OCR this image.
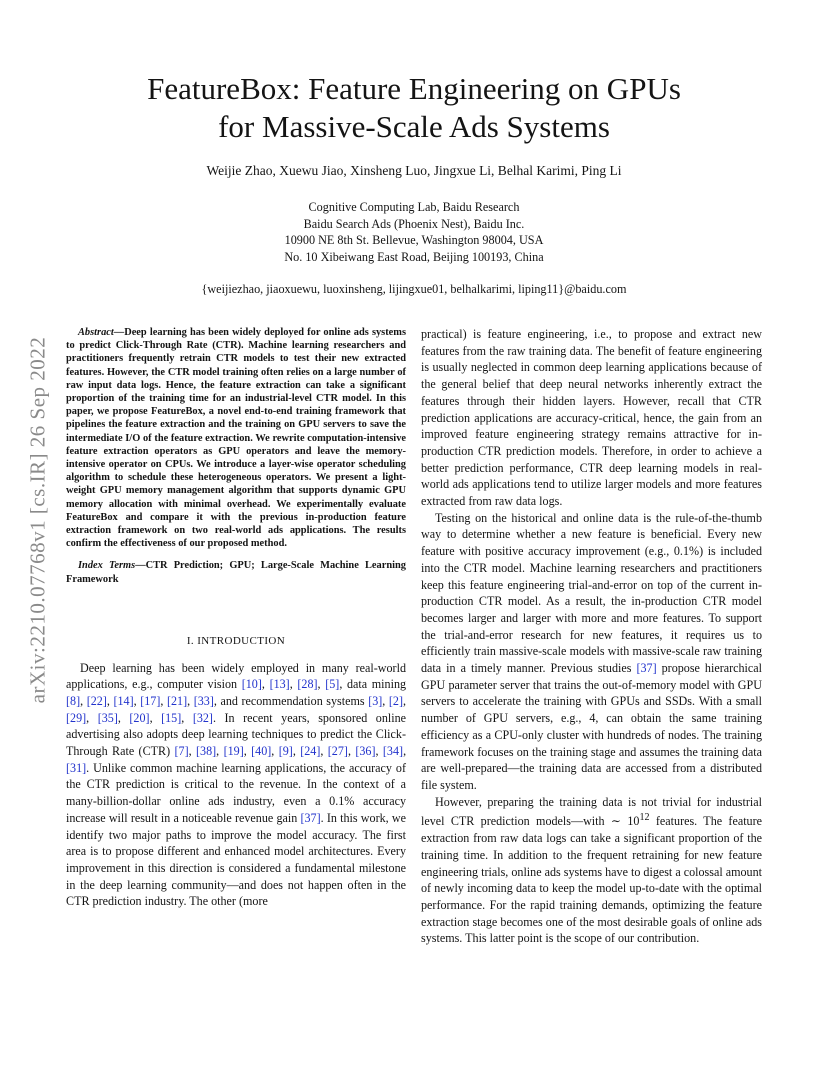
arXiv:2210.07768v1 [cs.IR] 26 Sep 2022
FeatureBox: Feature Engineering on GPUs
for Massive-Scale Ads Systems
Weijie Zhao, Xuewu Jiao, Xinsheng Luo, Jingxue Li, Belhal Karimi, Ping Li
Cognitive Computing Lab, Baidu Research
Baidu Search Ads (Phoenix Nest), Baidu Inc.
10900 NE 8th St. Bellevue, Washington 98004, USA
No. 10 Xibeiwang East Road, Beijing 100193, China
{weijiezhao, jiaoxuewu, luoxinsheng, lijingxue01, belhalkarimi, liping11}@baidu.com

Abstract—Deep learning has been widely deployed for online ads systems to predict Click-Through Rate (CTR). Machine learning researchers and practitioners frequently retrain CTR models to test their new extracted features. However, the CTR model training often relies on a large number of raw input data logs. Hence, the feature extraction can take a significant proportion of the training time for an industrial-level CTR model. In this paper, we propose FeatureBox, a novel end-to-end training framework that pipelines the feature extraction and the training on GPU servers to save the intermediate I/O of the feature extraction. We rewrite computation-intensive feature extraction operators as GPU operators and leave the memory-intensive operator on CPUs. We introduce a layer-wise operator scheduling algorithm to schedule these heterogeneous operators. We present a light-weight GPU memory management algorithm that supports dynamic GPU memory allocation with minimal overhead. We experimentally evaluate FeatureBox and compare it with the previous in-production feature extraction framework on two real-world ads applications. The results confirm the effectiveness of our proposed method.

Index Terms—CTR Prediction; GPU; Large-Scale Machine Learning Framework

I. INTRODUCTION

Deep learning has been widely employed in many real-world applications, e.g., computer vision [10], [13], [28], [5], data mining [8], [22], [14], [17], [21], [33], and recommendation systems [3], [2], [29], [35], [20], [15], [32]. In recent years, sponsored online advertising also adopts deep learning techniques to predict the Click-Through Rate (CTR) [7], [38], [19], [40], [9], [24], [27], [36], [34], [31]. Unlike common machine learning applications, the accuracy of the CTR prediction is critical to the revenue. In the context of a many-billion-dollar online ads industry, even a 0.1% accuracy increase will result in a noticeable revenue gain [37]. In this work, we identify two major paths to improve the model accuracy. The first area is to propose different and enhanced model architectures. Every improvement in this direction is considered a fundamental milestone in the deep learning community—and does not happen often in the CTR prediction industry. The other (more

practical) is feature engineering, i.e., to propose and extract new features from the raw training data. The benefit of feature engineering is usually neglected in common deep learning applications because of the general belief that deep neural networks inherently extract the features through their hidden layers. However, recall that CTR prediction applications are accuracy-critical, hence, the gain from an improved feature engineering strategy remains attractive for in-production CTR prediction models. Therefore, in order to achieve a better prediction performance, CTR deep learning models in real-world ads applications tend to utilize larger models and more features extracted from raw data logs.

Testing on the historical and online data is the rule-of-the-thumb way to determine whether a new feature is beneficial. Every new feature with positive accuracy improvement (e.g., 0.1%) is included into the CTR model. Machine learning researchers and practitioners keep this feature engineering trial-and-error on top of the current in-production CTR model. As a result, the in-production CTR model becomes larger and larger with more and more features. To support the trial-and-error research for new features, it requires us to efficiently train massive-scale models with massive-scale raw training data in a timely manner. Previous studies [37] propose hierarchical GPU parameter server that trains the out-of-memory model with GPU servers to accelerate the training with GPUs and SSDs. With a small number of GPU servers, e.g., 4, can obtain the same training efficiency as a CPU-only cluster with hundreds of nodes. The training framework focuses on the training stage and assumes the training data are well-prepared—the training data are accessed from a distributed file system.

However, preparing the training data is not trivial for industrial level CTR prediction models—with ∼ $10^{12}$ features. The feature extraction from raw data logs can take a significant proportion of the training time. In addition to the frequent retraining for new feature engineering trials, online ads systems have to digest a colossal amount of newly incoming data to keep the model up-to-date with the optimal performance. For the rapid training demands, optimizing the feature extraction stage becomes one of the most desirable goals of online ads systems. This latter point is the scope of our contribution.
